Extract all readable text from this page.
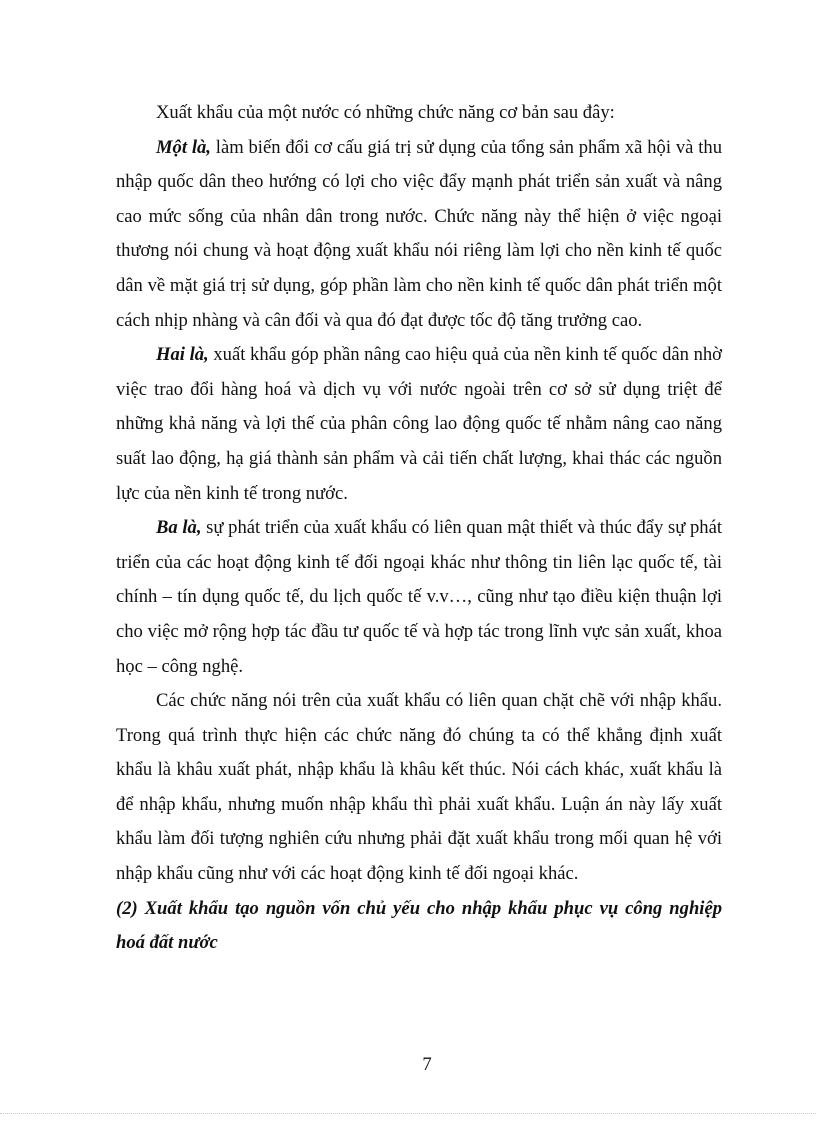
Xuất khẩu của một nước có những chức năng cơ bản sau đây:

Một là, làm biến đổi cơ cấu giá trị sử dụng của tổng sản phẩm xã hội và thu nhập quốc dân theo hướng có lợi cho việc đẩy mạnh phát triển sản xuất và nâng cao mức sống của nhân dân trong nước. Chức năng này thể hiện ở việc ngoại thương nói chung và hoạt động xuất khẩu nói riêng làm lợi cho nền kinh tế quốc dân về mặt giá trị sử dụng, góp phần làm cho nền kinh tế quốc dân phát triển một cách nhịp nhàng và cân đối và qua đó đạt được tốc độ tăng trưởng cao.

Hai là, xuất khẩu góp phần nâng cao hiệu quả của nền kinh tế quốc dân nhờ việc trao đổi hàng hoá và dịch vụ với nước ngoài trên cơ sở sử dụng triệt để những khả năng và lợi thế của phân công lao động quốc tế nhằm nâng cao năng suất lao động, hạ giá thành sản phẩm và cải tiến chất lượng, khai thác các nguồn lực của nền kinh tế trong nước.

Ba là, sự phát triển của xuất khẩu có liên quan mật thiết và thúc đẩy sự phát triển của các hoạt động kinh tế đối ngoại khác như thông tin liên lạc quốc tế, tài chính – tín dụng quốc tế, du lịch quốc tế v.v…, cũng như tạo điều kiện thuận lợi cho việc mở rộng hợp tác đầu tư quốc tế và hợp tác trong lĩnh vực sản xuất, khoa học – công nghệ.

Các chức năng nói trên của xuất khẩu có liên quan chặt chẽ với nhập khẩu. Trong quá trình thực hiện các chức năng đó chúng ta có thể khẳng định xuất khẩu là khâu xuất phát, nhập khẩu là khâu kết thúc. Nói cách khác, xuất khẩu là để nhập khẩu, nhưng muốn nhập khẩu thì phải xuất khẩu. Luận án này lấy xuất khẩu làm đối tượng nghiên cứu nhưng phải đặt xuất khẩu trong mối quan hệ với nhập khẩu cũng như với các hoạt động kinh tế đối ngoại khác.

(2) Xuất khẩu tạo nguồn vốn chủ yếu cho nhập khẩu phục vụ công nghiệp hoá đất nước

7
